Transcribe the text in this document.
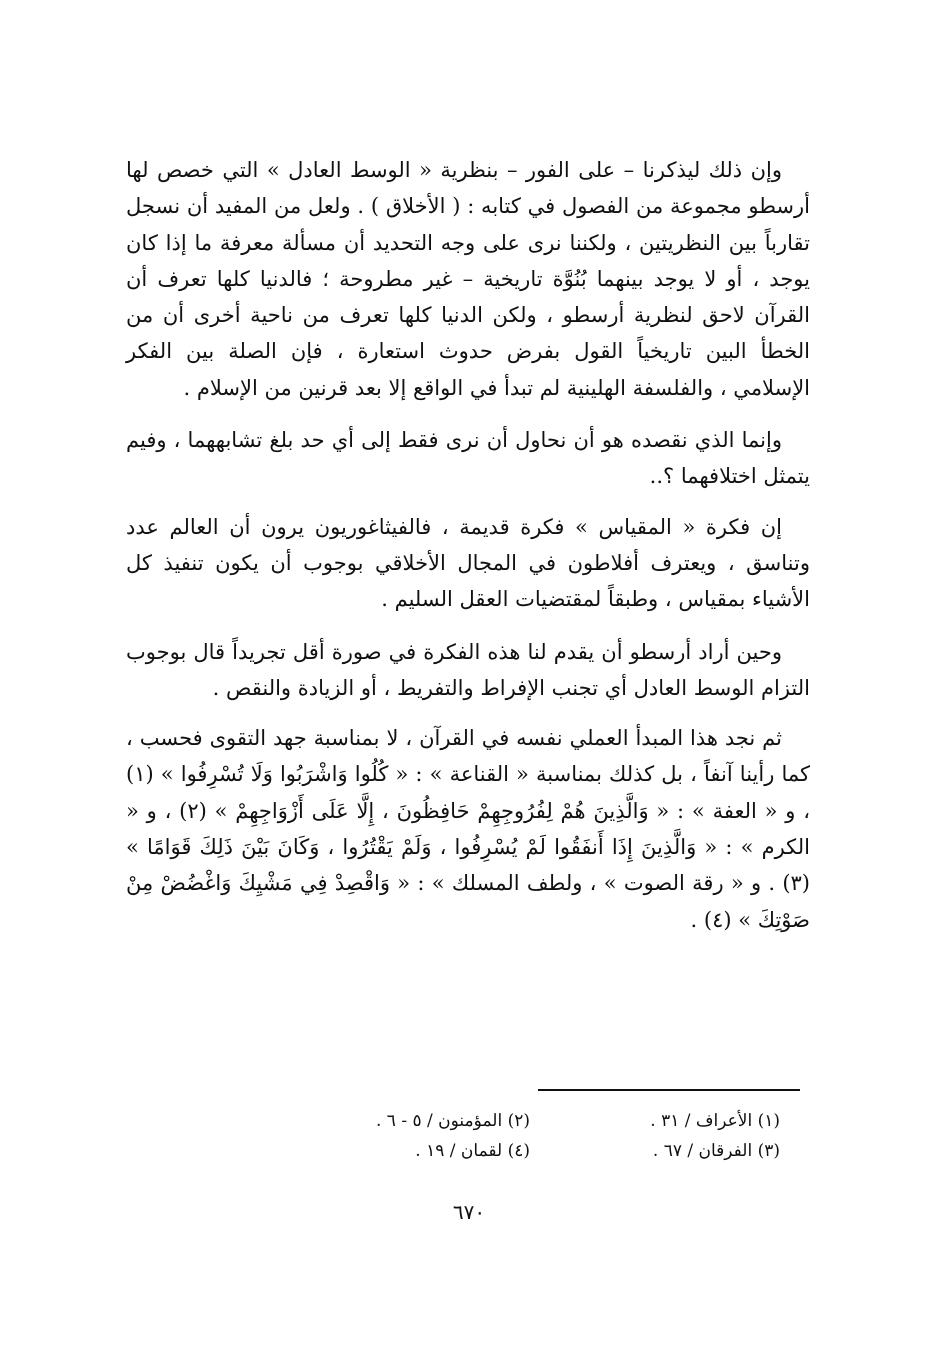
وإن ذلك ليذكرنا – على الفور – بنظرية « الوسط العادل » التي خصص لها أرسطو مجموعة من الفصول في كتابه : ( الأخلاق ) . ولعل من المفيد أن نسجل تقارباً بين النظريتين ، ولكننا نرى على وجه التحديد أن مسألة معرفة ما إذا كان يوجد ، أو لا يوجد بينهما بُنُوَّة تاريخية – غير مطروحة ؛ فالدنيا كلها تعرف أن القرآن لاحق لنظرية أرسطو ، ولكن الدنيا كلها تعرف من ناحية أخرى أن من الخطأ البين تاريخياً القول بفرض حدوث استعارة ، فإن الصلة بين الفكر الإسلامي ، والفلسفة الهلينية لم تبدأ في الواقع إلا بعد قرنين من الإسلام .

وإنما الذي نقصده هو أن نحاول أن نرى فقط إلى أي حد بلغ تشابههما ، وفيم يتمثل اختلافهما ؟..

إن فكرة « المقياس » فكرة قديمة ، فالفيثاغوريون يرون أن العالم عدد وتناسق ، ويعترف أفلاطون في المجال الأخلاقي بوجوب أن يكون تنفيذ كل الأشياء بمقياس ، وطبقاً لمقتضيات العقل السليم .

وحين أراد أرسطو أن يقدم لنا هذه الفكرة في صورة أقل تجريداً قال بوجوب التزام الوسط العادل أي تجنب الإفراط والتفريط ، أو الزيادة والنقص .

ثم نجد هذا المبدأ العملي نفسه في القرآن ، لا بمناسبة جهد التقوى فحسب ، كما رأينا آنفاً ، بل كذلك بمناسبة « القناعة » : « كُلُوا وَاشْرَبُوا وَلَا تُسْرِفُوا » (١) ، و « العفة » : « وَالَّذِينَ هُمْ لِفُرُوجِهِمْ حَافِظُونَ ، إِلَّا عَلَى أَزْوَاجِهِمْ » (٢) ، و « الكرم » : « وَالَّذِينَ إِذَا أَنفَقُوا لَمْ يُسْرِفُوا ، وَلَمْ يَقْتُرُوا ، وَكَانَ بَيْنَ ذَلِكَ قَوَامًا » (٣) . و « رقة الصوت » ، ولطف المسلك » : « وَاقْصِدْ فِي مَشْيِكَ وَاغْضُضْ مِنْ صَوْتِكَ » (٤) .

(١) الأعراف / ٣١ .
(٢) المؤمنون / ٥ - ٦ .
(٣) الفرقان / ٦٧ .
(٤) لقمان / ١٩ .
٦٧٠
